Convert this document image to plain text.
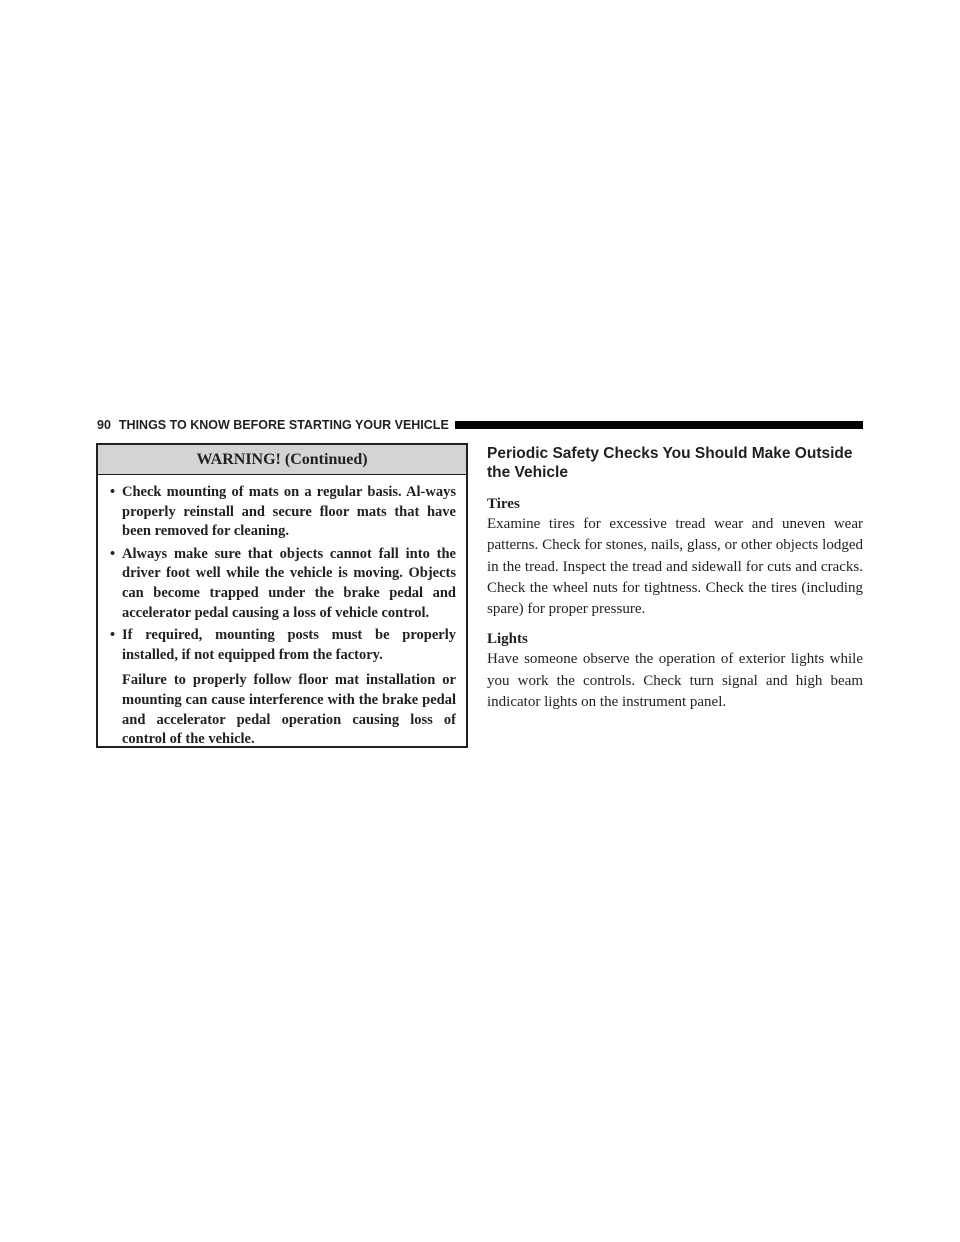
90 THINGS TO KNOW BEFORE STARTING YOUR VEHICLE
WARNING! (Continued)
• Check mounting of mats on a regular basis. Al-ways properly reinstall and secure floor mats that have been removed for cleaning.
• Always make sure that objects cannot fall into the driver foot well while the vehicle is moving. Objects can become trapped under the brake pedal and accelerator pedal causing a loss of vehicle control.
• If required, mounting posts must be properly installed, if not equipped from the factory.
Failure to properly follow floor mat installation or mounting can cause interference with the brake pedal and accelerator pedal operation causing loss of control of the vehicle.
Periodic Safety Checks You Should Make Outside the Vehicle
Tires

Examine tires for excessive tread wear and uneven wear patterns. Check for stones, nails, glass, or other objects lodged in the tread. Inspect the tread and sidewall for cuts and cracks. Check the wheel nuts for tightness. Check the tires (including spare) for proper pressure.

Lights

Have someone observe the operation of exterior lights while you work the controls. Check turn signal and high beam indicator lights on the instrument panel.
